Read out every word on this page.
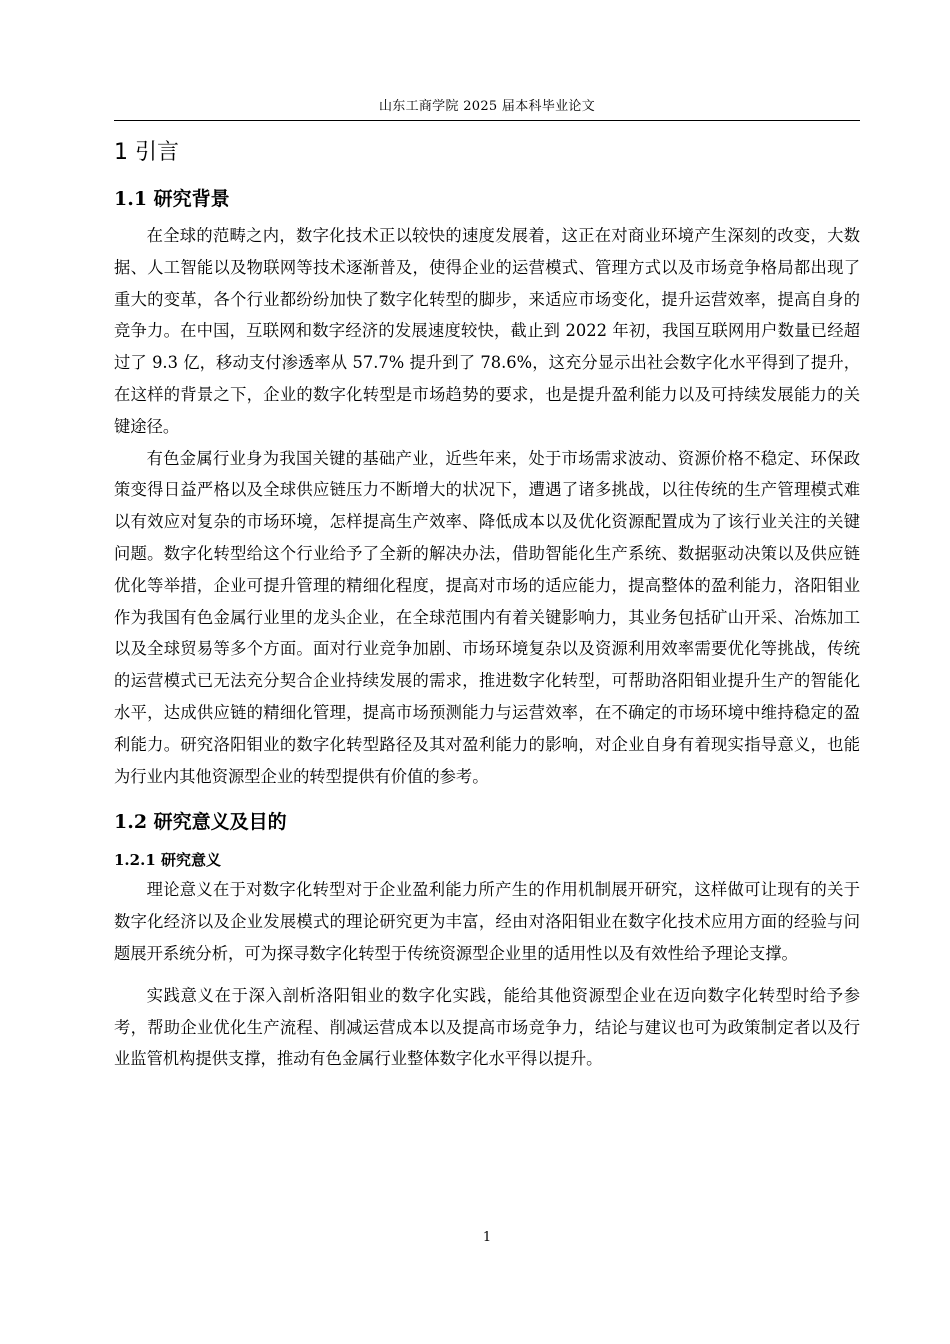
山东工商学院 2025 届本科毕业论文
1 引言
1.1 研究背景

在全球的范畴之内，数字化技术正以较快的速度发展着，这正在对商业环境产生深刻的改变，大数据、人工智能以及物联网等技术逐渐普及，使得企业的运营模式、管理方式以及市场竞争格局都出现了重大的变革，各个行业都纷纷加快了数字化转型的脚步，来适应市场变化，提升运营效率，提高自身的竞争力。在中国，互联网和数字经济的发展速度较快，截止到 2022 年初，我国互联网用户数量已经超过了 9.3 亿，移动支付渗透率从 57.7% 提升到了 78.6%，这充分显示出社会数字化水平得到了提升，在这样的背景之下，企业的数字化转型是市场趋势的要求，也是提升盈利能力以及可持续发展能力的关键途径。

有色金属行业身为我国关键的基础产业，近些年来，处于市场需求波动、资源价格不稳定、环保政策变得日益严格以及全球供应链压力不断增大的状况下，遭遇了诸多挑战，以往传统的生产管理模式难以有效应对复杂的市场环境，怎样提高生产效率、降低成本以及优化资源配置成为了该行业关注的关键问题。数字化转型给这个行业给予了全新的解决办法，借助智能化生产系统、数据驱动决策以及供应链优化等举措，企业可提升管理的精细化程度，提高对市场的适应能力，提高整体的盈利能力，洛阳钼业作为我国有色金属行业里的龙头企业，在全球范围内有着关键影响力，其业务包括矿山开采、冶炼加工以及全球贸易等多个方面。面对行业竞争加剧、市场环境复杂以及资源利用效率需要优化等挑战，传统的运营模式已无法充分契合企业持续发展的需求，推进数字化转型，可帮助洛阳钼业提升生产的智能化水平，达成供应链的精细化管理，提高市场预测能力与运营效率，在不确定的市场环境中维持稳定的盈利能力。研究洛阳钼业的数字化转型路径及其对盈利能力的影响，对企业自身有着现实指导意义，也能为行业内其他资源型企业的转型提供有价值的参考。

1.2 研究意义及目的
1.2.1 研究意义

理论意义在于对数字化转型对于企业盈利能力所产生的作用机制展开研究，这样做可让现有的关于数字化经济以及企业发展模式的理论研究更为丰富，经由对洛阳钼业在数字化技术应用方面的经验与问题展开系统分析，可为探寻数字化转型于传统资源型企业里的适用性以及有效性给予理论支撑。

实践意义在于深入剖析洛阳钼业的数字化实践，能给其他资源型企业在迈向数字化转型时给予参考，帮助企业优化生产流程、削减运营成本以及提高市场竞争力，结论与建议也可为政策制定者以及行业监管机构提供支撑，推动有色金属行业整体数字化水平得以提升。

1
